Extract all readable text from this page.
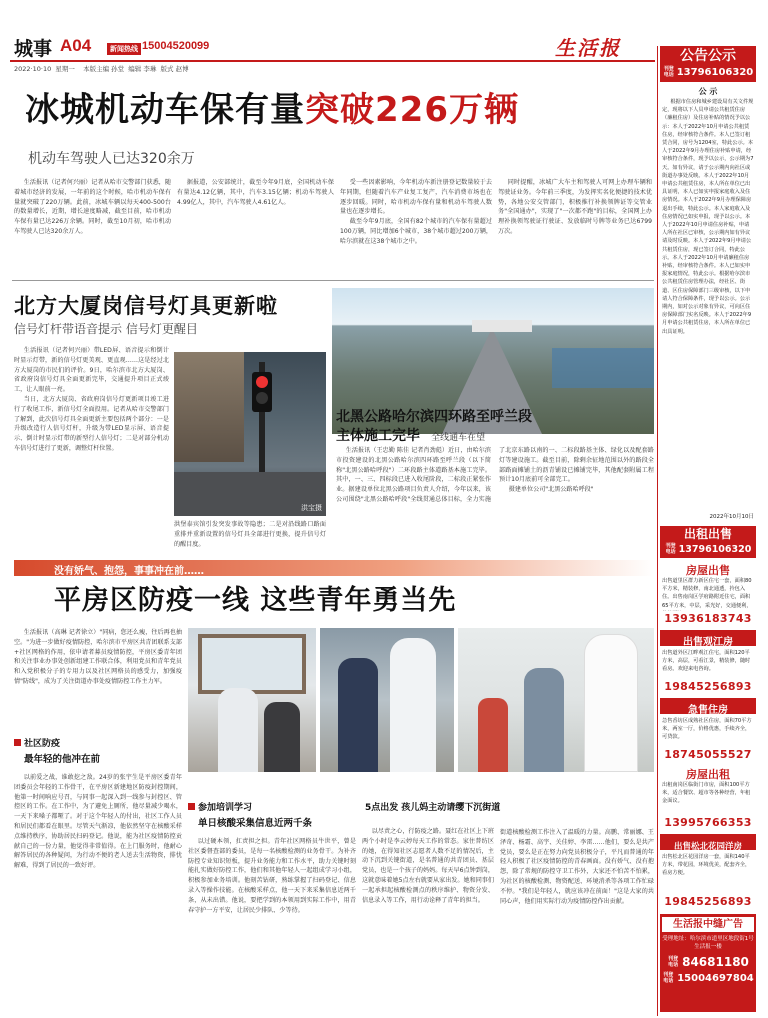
城事 A04	新闻热线 15004520099
2022·10·10  星期一    本版主编 孙堂  编辑 李琳  版式 赵博
生活报
冰城机动车保有量突破226万辆
机动车驾驶人已达320余万

生活报讯（记者何兴丽）记者从哈市交警部门获悉，随着城市经济的发展，一年前的这个时候，哈市机动车保有量就突破了220万辆。此前，冰城车辆以每天400-500台的数量增长，近期，增长速度略减，截至目前，哈市机动车保有量已达226万余辆。同时，截至10月初，哈市机动车驾驶人已达320余万人。

据报道，公安部统计，截至今年9月底，全国机动车保有量达4.12亿辆，其中，汽车3.15亿辆；机动车驾驶人4.99亿人，其中，汽车驾驶人4.61亿人。

受一些因素影响，今年机动车新注册登记数量较于去年同期，但随着汽车产业复工复产，汽车消费市场也在逐步回暖。同时，哈市机动车保有量和机动车驾驶人数量也在逐步增长。

截至今年9月底，全国有82个城市的汽车保有量超过100万辆，同比增加6个城市，38个城市超过200万辆，哈尔滨就在这38个城市之中。

同时提醒，冰城广大车主和驾驶人可网上办理车辆和驾驶证业务。今年前三季度，为发挥实名化便捷的技术优势，各地公安交管部门，积极推行补换领牌证等交管业务"全国通办"，实现了"一次都不跑"的目标，全国网上办理补换领驾驶证行驶证、发放临时号牌等业务已达6799万次。

北方大厦岗信号灯具更新啦
信号灯杆带语音提示 信号灯更醒目

生活报讯（记者何兴丽）带LED屏、语音提示和倒计时显示灯带，新的信号灯更美观、更直观……这是经过北方大厦岗的市民们的评价。9日，哈尔滨市北方大厦岗、省政府岗信号灯具全面更新完毕，交通提升项目正式竣工，让人眼前一亮。

当日，北方大厦岗、省政府岗信号灯更新项目竣工进行了收尾工作，新信号灯全面投用。记者从哈市交警部门了解到，此次信号灯具全面更新主要包括两个部分：一是升级改造行人信号灯杆，升级为带LED显示屏、语音提示、倒计时显示灯带的新型行人信号灯；二是对部分机动车信号灯进行了更新，调整灯杆位置。

洪宝摄
洪堡泰宾馆引发突发事故等隐患；二是对沿线路口路面重排并重新设置的信号灯具全部进行更换，提升信号灯的醒目度。
北黑公路哈尔滨四环路至呼兰段
主体施工完毕 全线通车在望

生活报讯（王忠勤 陈佳 记者肖劲彪）近日，由哈尔滨市投资建设的北黑公路哈尔滨四环路至呼兰段（以下简称"北黑公路哈呼段"）二环段路主体道路基本施工完毕。其中，一、三、四标段已进入收尾阶段，二标段正紧张作业。据建设单位北黑公路项目负责人介绍，今年以来，该公司围绕"北黑公路哈呼段"全线贯通总体目标，全力实施了北京东路以南的一、二标段路基主体、绿化以及配套路灯等建设施工。截至目前，除剩余征地范围以外的路段全部路面摊铺土的沥青铺设已摊铺完毕，其他配套附属工程预计10月底前可全部完工。

摄建单位公司"北黑公路哈呼段"

没有娇气、抱怨，事事冲在前……
平房区防疫一线 这些青年勇当先
生活报讯（高琳 记者徐立）"同病，您还么瘦，往后再也抽空。"为进一步做好疫情防控，哈尔滨市平房区共青团联系支部+社区网格的作用，依申请者募员疫情防控，平房区委青年团和关注事业办事处创新组建工作联合体，利用党员和青年党员和入党积极分子的专用力以及社区网格员的感受力，加强疫情"防线"，成为了关注街道办事处疫情防控工作主力军。
社区防疫
最年轻的他冲在前
以前爱之战，谁敢挖之敌。24岁的张宇生是平房区委青年团委员会年轻的工作骨干，在平房区新建地区防疫封控期间，他第一时间响应号召，与同事一起深入到一线参与封控区、管控区的工作。在工作中，为了避免上厕所，他尽量减少喝水，一天下来嗓子都哑了。对于这个年轻人的付出，社区工作人员和居民们都看在眼里。尽管天气渐凉，他依然坚守在核酸采样点维持秩序，协助居民扫码登记。他说，能为社区疫情防控贡献自己的一份力量，他觉得非常值得。在上门服务时，他耐心解答居民的各种疑问，为行动不便的老人送去生活物资，排忧解难，得到了居民的一致好评。
参加培训学习
单日核酸采集信息近两千条
以过硬本领，扛责担之担。青年社区网格员牛世平，曾是社区委督查部的委员，是每一名核酸检测的业务骨干。为补齐防控专业知识短板，提升业务能力和工作水平，助力关键时刻能扎实做好防控工作，他们和其他年轻人一起组成学习小组，积极参加业务培训。他刻苦钻研，熟练掌握了扫码登记、信息录入等操作技能。在核酸采样点，他一天下来采集信息近两千条，从未出错。他说，要把学到的本领用到实际工作中，用青春守护一方平安，让居民少排队、少等待。
5点出发 孩儿妈主动请缨下沉街道
以尽责之心，行防疫之路。聂红在社区上下班两个小时是李云婷每天工作的常态。家住普纺区的她，在得知社区志愿者人数不足的情况后，主动下沉到关键街道，是名普通的共青团员、基层党员，也是一个孩子的妈妈。每天早6点钟到岗，这就意味着她5点左右就要从家出发。她和同事们一起承担起核酸检测点的秩序维护、物资分发、信息录入等工作，用行动诠释了青年的担当。
街道核酸检测工作注入了温暖的力量。高鹏、常丽娜、王泽奇、杨霜、高宇、关佳婷、李雷……他们，要么是共产党员，要么是正在努力向党员积极分子，平凡而普通的年轻人积极了社区疫情防控的青春画面。没有娇气、没有抱怨，除了常规的防控守卫工作外，大家还不怕苦不怕累，为社区的核酸检测、物资配送、环境消杀等各项工作忙碌不停。"我们是年轻人，就应该冲在前面！"这是大家的共同心声，他们用实际行动为疫情防控作出贡献。
公告公示
刊登电话 13796106320
公 示
根据市住房和城乡建设局有关文件规定，现将以下人员申请公共租赁住房（廉租住房）及住房补贴的情况予以公示：本人于2022年10月申请公共租赁住房，经审核符合条件。本人已签订租赁合同，房号为1204室，特此公示。本人于2022年9月办理住房补贴申请，经审核符合条件，现予以公示，公示期为7天。如有异议，请于公示期内向社区或街道办事处反映。本人于2022年10月申请公共租赁住房，本人所在单位已出具证明，本人已如实申报家庭收入及住房情况。本人于2022年9月办理保障房退出手续，特此公示。本人家庭收入及住房情况已如实申报，现予以公示。本人于2022年10月申请住房补贴，申请人所在社区已审核，公示期内如有异议请及时反映。本人于2022年9月申请公共租赁住房，现已签订合同，特此公示。本人于2022年10月申请廉租住房补贴，经审核符合条件。本人已如实申报家庭情况，特此公示。根据哈尔滨市公共租赁住房管理办法，经社区、街道、区住房保障部门三级审核，以下申请人符合保障条件，现予以公示。公示期内，如对公示对象有异议，可向区住房保障部门实名反映。本人于2022年9月申请公共租赁住房，本人所在单位已出具证明。
2022年10月10日
出租出售
刊登电话 13796106320
房屋出售
出售道里区群力新区住宅一套，面积80平方米，精装修，南北通透，拎包入住。出售南岗区学府路附近住宅，面积65平方米，中层，采光好，交通便利，
13936183743
出售观江房
出售道外区江畔观江住宅，面积120平方米，高层，可看江景，精装修，随时看房。欢迎来电咨询。
19845256893
急售住房
急售香坊区成熟社区住房，面积70平方米，两室一厅，价格优惠，手续齐全，可贷款。
18745055527
房屋出租
出租南岗区临街门市房，面积100平方米，适合餐饮、超市等各种经营，年租金面议。
13995766353
出售松北花园洋房
出售松北区花园洋房一套，面积140平方米，带花园，环境优美，配套齐全，看房方便。
19845256893
生活报中缝广告
受理地址：哈尔滨市道里区地段街1号生活报一楼
刊登电话 84681180
刊登电话 15004697804
